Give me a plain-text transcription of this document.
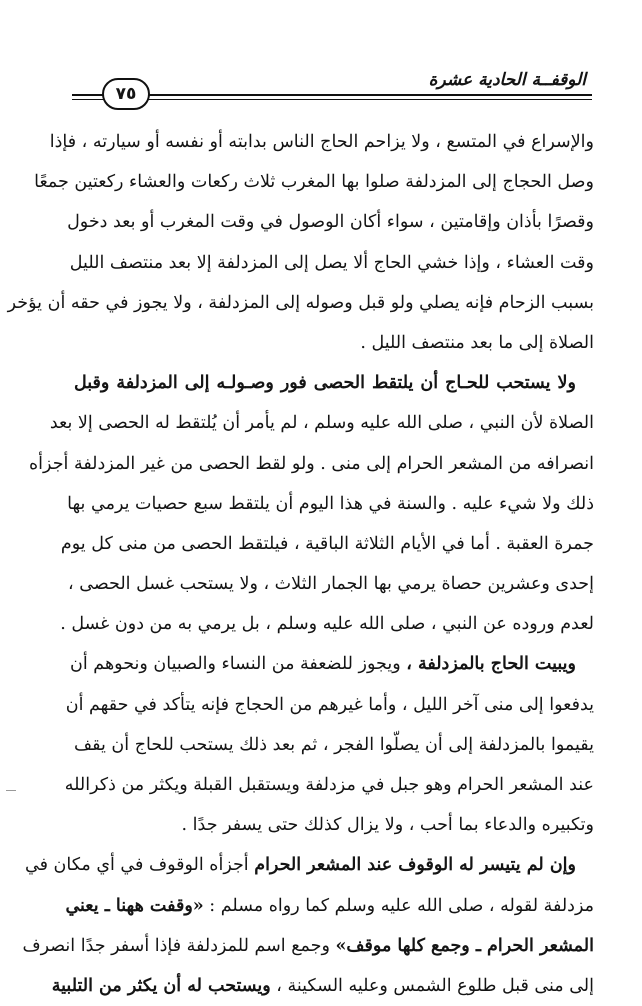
٧٥
الوقفــة الحادية عشرة
والإسراع في المتسع ، ولا يزاحم الحاج الناس بدابته أو نفسه أو سيارته ، فإذا
وصل الحجاج إلى المزدلفة صلوا بها المغرب ثلاث ركعات والعشاء ركعتين جمعًا
وقصرًا بأذان وإقامتين ، سواء أكان الوصول في وقت المغرب أو بعد دخول
وقت العشاء ، وإذا خشي الحاج ألا يصل إلى المزدلفة إلا بعد منتصف الليل
بسبب الزحام فإنه يصلي ولو قبل وصوله إلى المزدلفة ، ولا يجوز في حقه أن يؤخر
الصلاة إلى ما بعد منتصف الليل .
ولا يستحب للحـاج أن يلتقط الحصى فور وصـولـه إلى المزدلفة وقبل
الصلاة لأن النبي ، صلى الله عليه وسلم ، لم يأمر أن يُلتقط له الحصى إلا بعد
انصرافه من المشعر الحرام إلى منى . ولو لقط الحصى من غير المزدلفة أجزأه
ذلك ولا شيء عليه . والسنة في هذا اليوم أن يلتقط سبع حصيات يرمي بها
جمرة العقبة . أما في الأيام الثلاثة الباقية ، فيلتقط الحصى من منى كل يوم
إحدى وعشرين حصاة يرمي بها الجمار الثلاث ، ولا يستحب غسل الحصى ،
لعدم وروده عن النبي ، صلى الله عليه وسلم ، بل يرمي به من دون غسل .
ويبيت الحاج بالمزدلفة ، ويجوز للضعفة من النساء والصبيان ونحوهم أن
يدفعوا إلى منى آخر الليل ، وأما غيرهم من الحجاج فإنه يتأكد في حقهم أن
يقيموا بالمزدلفة إلى أن يصلّوا الفجر ، ثم بعد ذلك يستحب للحاج أن يقف
عند المشعر الحرام وهو جبل في مزدلفة ويستقبل القبلة ويكثر من ذكرالله
وتكبيره والدعاء بما أحب ، ولا يزال كذلك حتى يسفر جدًا .
وإن لم يتيسر له الوقوف عند المشعر الحرام أجزأه الوقوف في أي مكان في
مزدلفة لقوله ، صلى الله عليه وسلم كما رواه مسلم : «وقفت ههنا ـ يعني
المشعر الحرام ـ وجمع كلها موقف» وجمع اسم للمزدلفة فإذا أسفر جدًا انصرف
إلى منى قبل طلوع الشمس وعليه السكينة ، ويستحب له أن يكثر من التلبية
